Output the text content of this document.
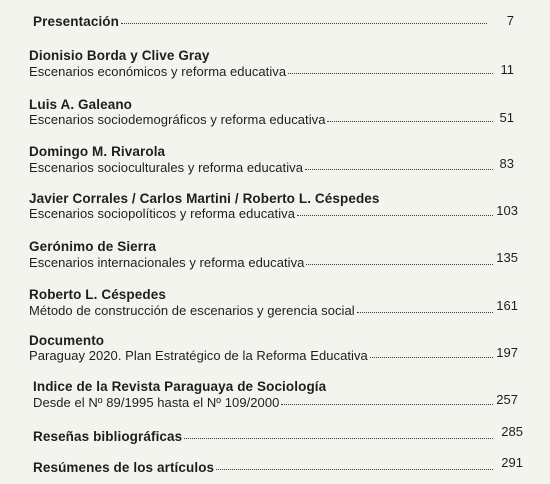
Presentación	7
Dionisio Borda y Clive Gray
Escenarios económicos y reforma educativa	11
Luis A. Galeano
Escenarios sociodemográficos y reforma educativa	51
Domingo M. Rivarola
Escenarios socioculturales y reforma educativa	83
Javier Corrales / Carlos Martini / Roberto L. Céspedes
Escenarios sociopolíticos y reforma educativa	103
Gerónimo de Sierra
Escenarios internacionales y reforma educativa	135
Roberto L. Céspedes
Método de construcción de escenarios y gerencia social	161
Documento
Paraguay 2020. Plan Estratégico de la Reforma Educativa	197
Indice de la Revista Paraguaya de Sociología
Desde el Nº 89/1995 hasta el Nº 109/2000	257
Reseñas bibliográficas	285
Resúmenes de los artículos	291
